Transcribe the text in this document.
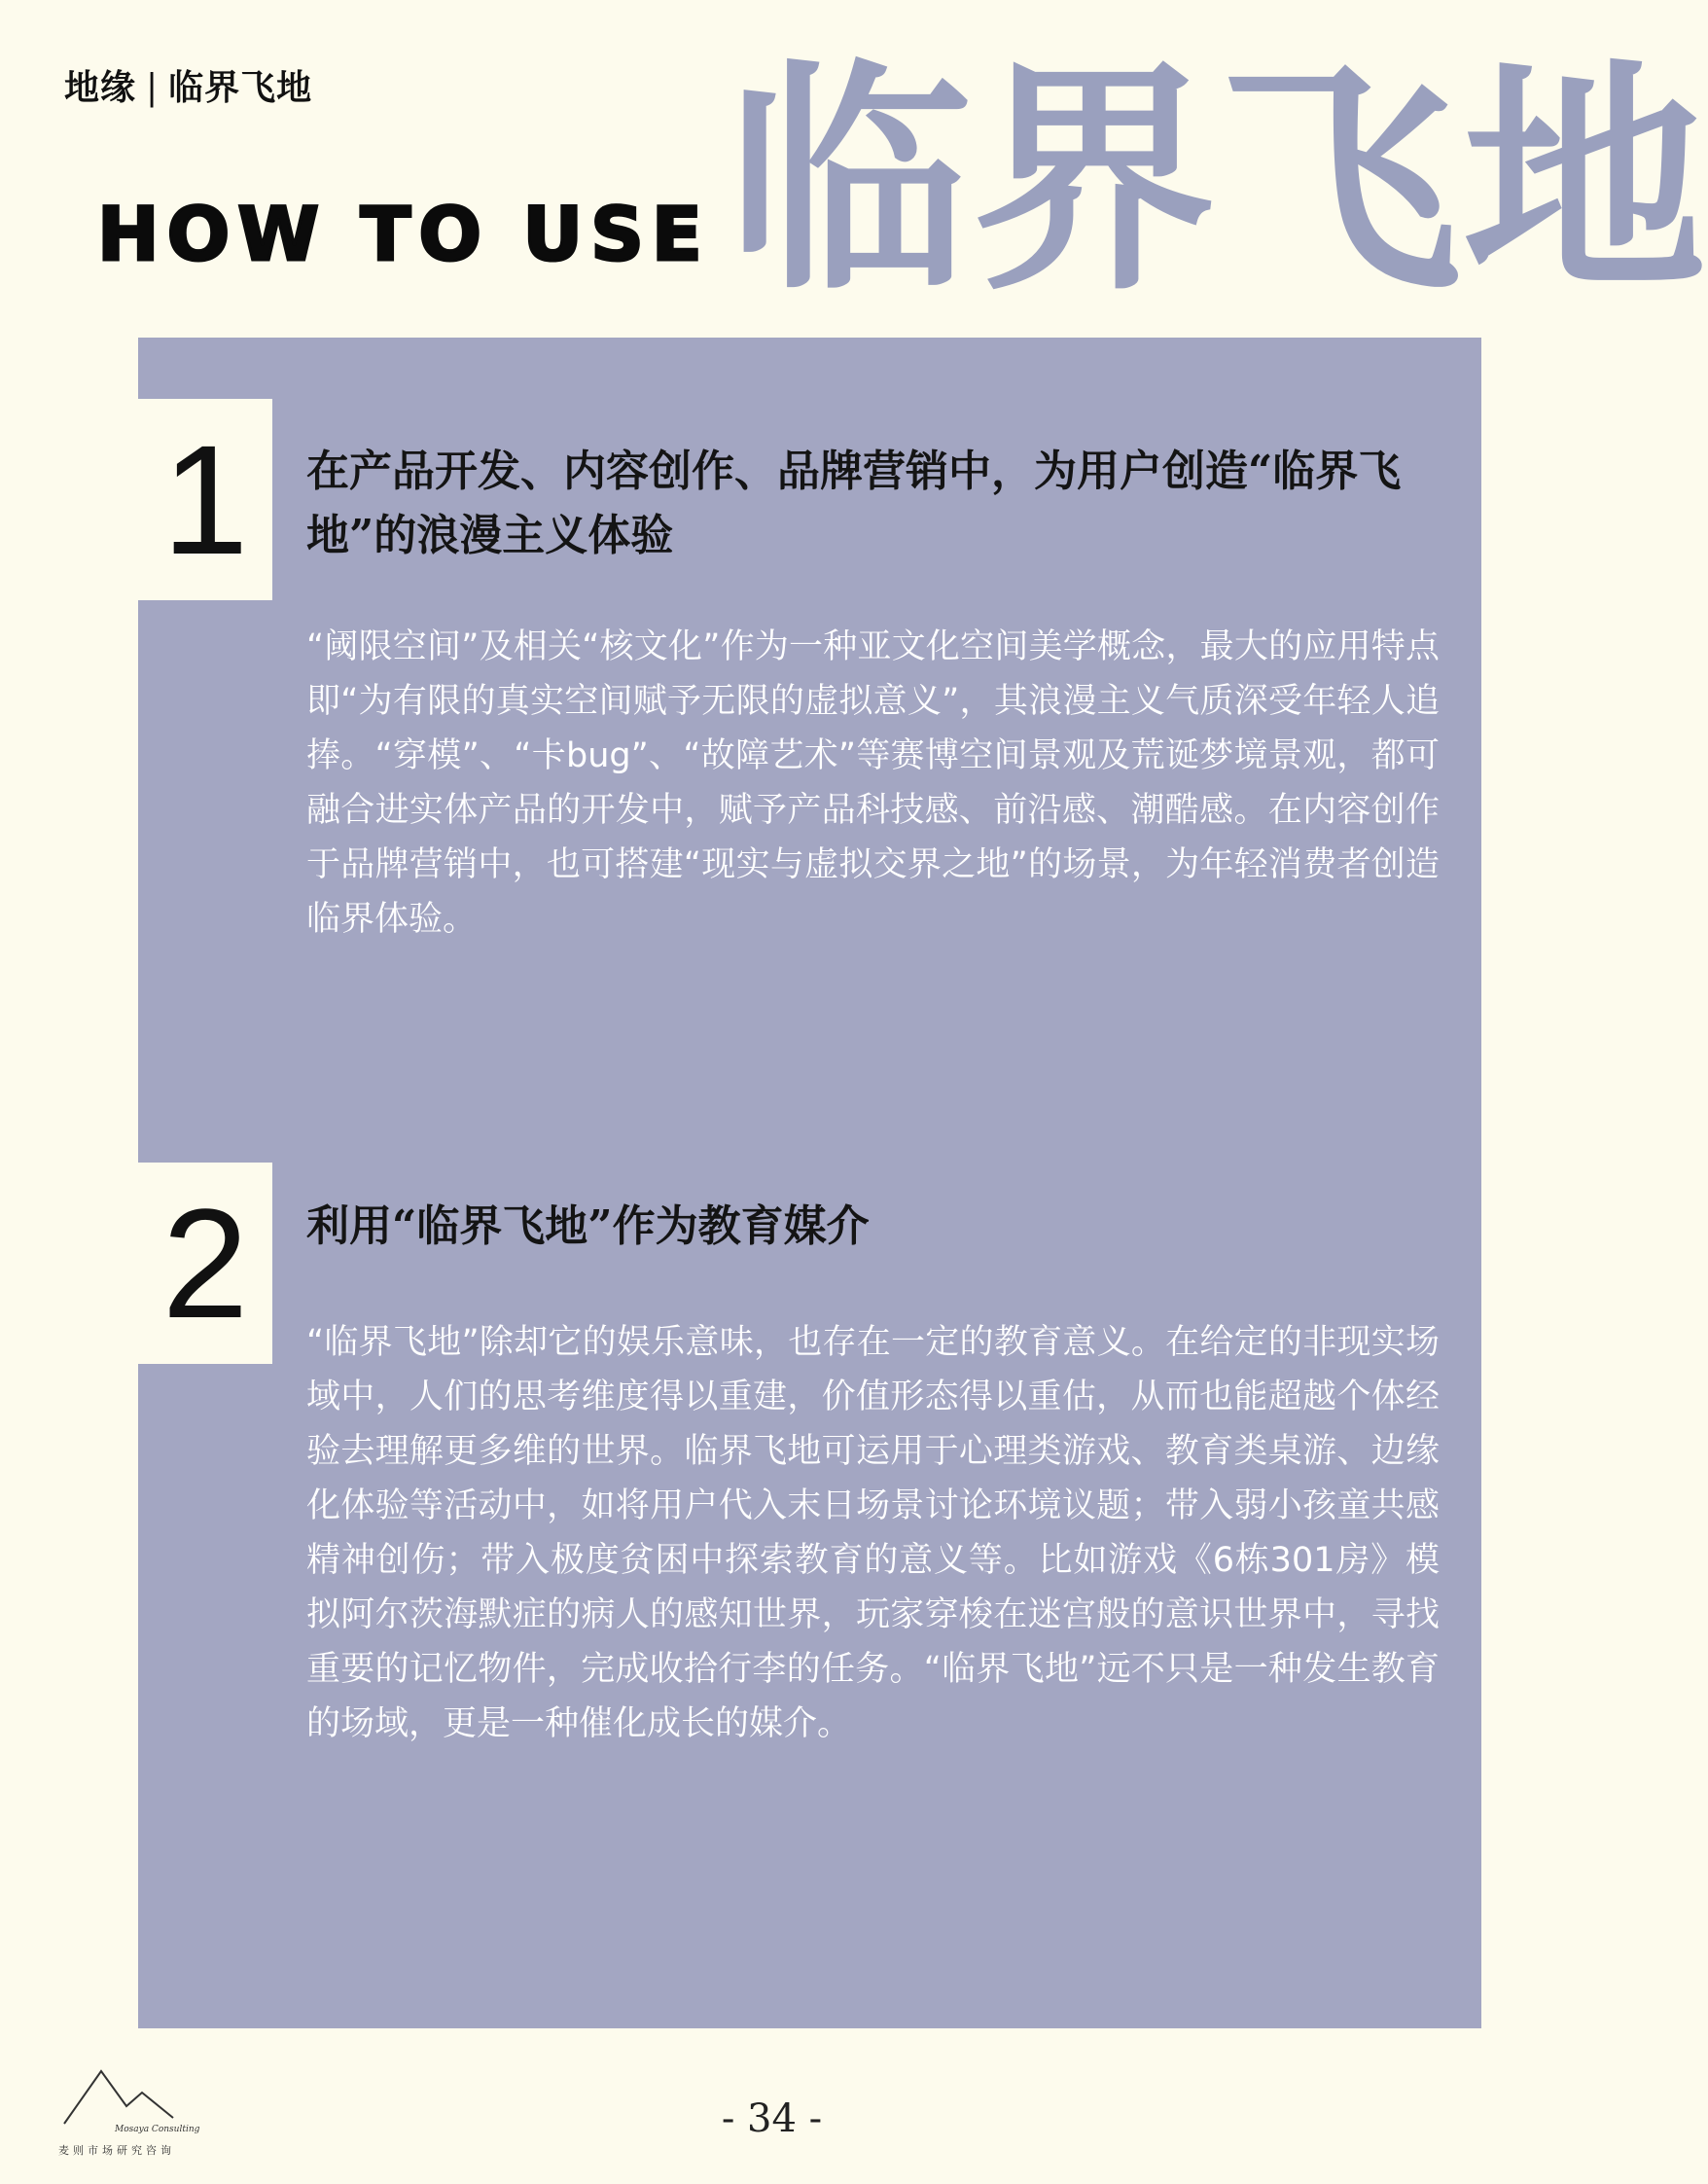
地缘 | 临界飞地
HOW TO USE 临界飞地
1	在产品开发、内容创作、品牌营销中，为用户创造“临界飞地”的浪漫主义体验
“阈限空间”及相关“核文化”作为一种亚文化空间美学概念，最大的应用特点即“为有限的真实空间赋予无限的虚拟意义”，其浪漫主义气质深受年轻人追捧。“穿模”、“卡bug”、“故障艺术”等赛博空间景观及荒诞梦境景观，都可融合进实体产品的开发中，赋予产品科技感、前沿感、潮酷感。在内容创作于品牌营销中，也可搭建“现实与虚拟交界之地”的场景，为年轻消费者创造临界体验。
2	利用“临界飞地”作为教育媒介
“临界飞地”除却它的娱乐意味，也存在一定的教育意义。在给定的非现实场域中，人们的思考维度得以重建，价值形态得以重估，从而也能超越个体经验去理解更多维的世界。临界飞地可运用于心理类游戏、教育类桌游、边缘化体验等活动中，如将用户代入末日场景讨论环境议题；带入弱小孩童共感精神创伤；带入极度贫困中探索教育的意义等。比如游戏《6栋301房》模拟阿尔茨海默症的病人的感知世界，玩家穿梭在迷宫般的意识世界中，寻找重要的记忆物件，完成收拾行李的任务。“临界飞地”远不只是一种发生教育的场域，更是一种催化成长的媒介。
Mosaya Consulting
麦则市场研究咨询
- 34 -
